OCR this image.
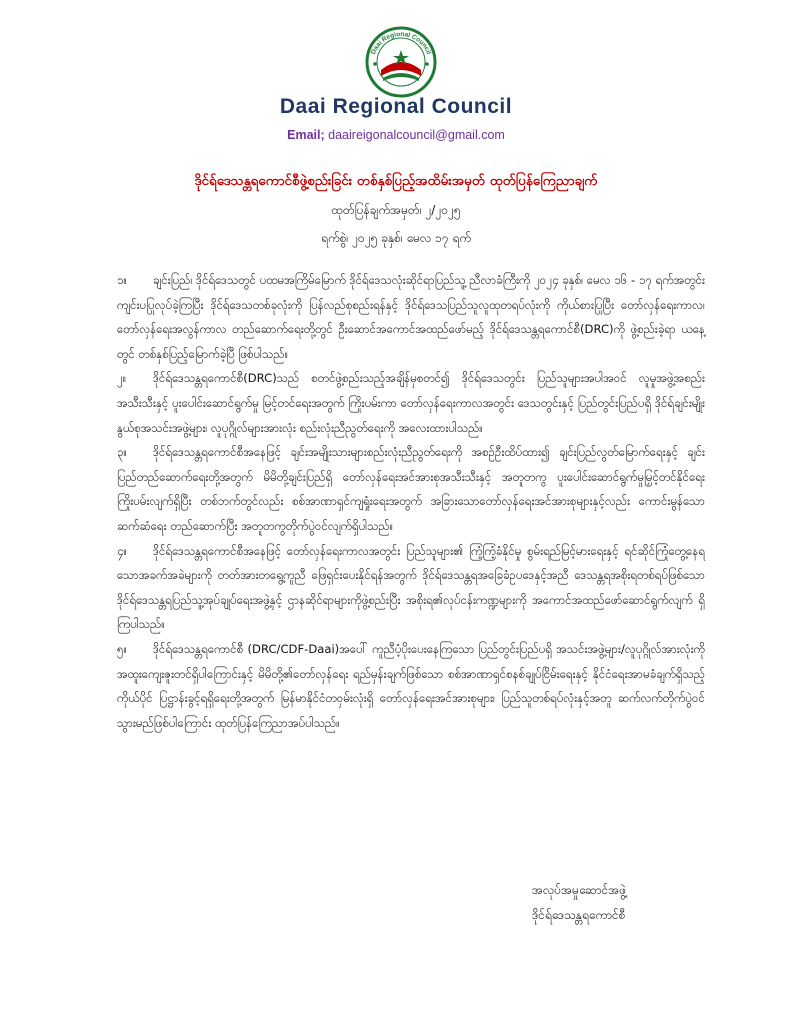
Daai Regional Council
Daai Regional Council
Email; daaireigonalcouncil@gmail.com
ဒိုင်ရ်ဒေသန္တရကောင်စီဖွဲ့စည်းခြင်း တစ်နှစ်ပြည့်အထိမ်းအမှတ် ထုတ်ပြန်ကြေညာချက်
ထုတ်ပြန်ချက်အမှတ်၊ ၂/၂၀၂၅
ရက်စွဲ၊ ၂၀၂၅ ခုနှစ်၊ မေလ ၁၇ ရက်

၁။ ချင်းပြည်၊ ဒိုင်ရ်ဒေသတွင် ပထမအကြိမ်မြောက် ဒိုင်ရ်ဒေသလုံးဆိုင်ရာပြည်သူ့ ညီလာခံကြီးကို ၂၀၂၄ ခုနှစ်၊ မေလ ၁၆ - ၁၇ ရက်အတွင်း ကျင်းပပြုလုပ်ခဲ့ကြပြီး ဒိုင်ရ်ဒေသတစ်ခုလုံးကို ပြန်လည်စုစည်းရန်နှင့် ဒိုင်ရ်ဒေသပြည်သူလူထုတရပ်လုံးကို ကိုယ်စားပြုပြီး တော်လှန်ရေးကာလ၊ တော်လှန်ရေးအလွန်ကာလ တည်ဆောက်ရေးတို့တွင် ဦးဆောင်အကောင်အထည်ဖော်မည့် ဒိုင်ရ်ဒေသန္တရကောင်စီ(DRC)ကို ဖွဲ့စည်းခဲ့ရာ ယနေ့တွင် တစ်နှစ်ပြည့်မြောက်ခဲ့ပြီ ဖြစ်ပါသည်။

၂။ ဒိုင်ရ်ဒေသန္တရကောင်စီ(DRC)သည် စတင်ဖွဲ့စည်းသည့်အချိန်မှစတင်၍ ဒိုင်ရ်ဒေသတွင်း ပြည်သူများအပါအဝင် လူမှုအဖွဲ့အစည်းအသီးသီးနှင့် ပူးပေါင်းဆောင်ရွက်မှု မြင့်တင်ရေးအတွက် ကြိုးပမ်းကာ တော်လှန်ရေးကာလအတွင်း ဒေသတွင်းနှင့် ပြည်တွင်းပြည်ပရှိ ဒိုင်ရ်ချင်းမျိုးနွယ်စုအသင်းအဖွဲ့များ၊ လူပုဂ္ဂိုလ်များအားလုံး စည်းလုံးညီညွတ်ရေးကို အလေးထားပါသည်။

၃။ ဒိုင်ရ်ဒေသန္တရကောင်စီအနေဖြင့် ချင်းအမျိုးသားများစည်းလုံးညီညွတ်ရေးကို အစဉ်ဦးထိပ်ထား၍ ချင်းပြည်လွတ်မြောက်ရေးနှင့် ချင်းပြည်တည်ဆောက်ရေးတို့အတွက် မိမိတို့ချင်းပြည်ရှိ တော်လှန်ရေးအင်အားစုအသီးသီးနှင့် အတူတကွ ပူးပေါင်းဆောင်ရွက်မှုမြှင့်တင်နိုင်ရေး ကြိုးပမ်းလျက်ရှိပြီး တစ်ဘက်တွင်လည်း စစ်အာဏာရှင်ကျရှုံးရေးအတွက် အခြားသောတော်လှန်ရေးအင်အားစုများနှင့်လည်း ကောင်းမွန်သောဆက်ဆံရေး တည်ဆောက်ပြီး အတူတကွတိုက်ပွဲဝင်လျက်ရှိပါသည်။

၄။ ဒိုင်ရ်ဒေသန္တရကောင်စီအနေဖြင့် တော်လှန်ရေးကာလအတွင်း ပြည်သူများ၏ ကြံ့ကြံ့ခံနိုင်မှု စွမ်းရည်မြင့်မားရေးနှင့် ရင်ဆိုင်ကြုံတွေ့နေရသောအခက်အခဲများကို တတ်အားတရွေ့ကူညီ ဖြေရှင်းပေးနိုင်ရန်အတွက် ဒိုင်ရ်ဒေသန္တရအခြေခံဥပဒေနှင့်အညီ ဒေသန္တရအစိုးရတစ်ရပ်ဖြစ်သော ဒိုင်ရ်ဒေသန္တရပြည်သူ့အုပ်ချုပ်ရေးအဖွဲ့နှင့် ဌာနဆိုင်ရာများကိုဖွဲ့စည်းပြီး အစိုးရ၏လုပ်ငန်းကဏ္ဍများကို အကောင်အထည်ဖော်ဆောင်ရွက်လျက် ရှိကြပါသည်။

၅။ ဒိုင်ရ်ဒေသန္တရကောင်စီ (DRC/CDF-Daai)အပေါ် ကူညီပံ့ပိုးပေးနေကြသော ပြည်တွင်းပြည်ပရှိ အသင်းအဖွဲ့များ/လူပုဂ္ဂိုလ်အားလုံးကို အထူးကျေးဇူးတင်ရှိပါကြောင်းနှင့် မိမိတို့၏တော်လှန်ရေး ရည်မှန်းချက်ဖြစ်သော စစ်အာဏာရှင်စနစ်ချုပ်ငြိမ်းရေးနှင့် နိုင်ငံရေးအာမခံချက်ရှိသည့် ကိုယ်ပိုင် ပြဋ္ဌာန်းခွင့်ရရှိရေးတို့အတွက် မြန်မာနိုင်ငံတဝှမ်းလုံးရှိ တော်လှန်ရေးအင်အားစုများ၊ ပြည်သူတစ်ရပ်လုံးနှင့်အတူ ဆက်လက်တိုက်ပွဲဝင်သွားမည်ဖြစ်ပါကြောင်း ထုတ်ပြန်ကြေညာအပ်ပါသည်။

အလုပ်အမှုဆောင်အဖွဲ့
ဒိုင်ရ်ဒေသန္တရကောင်စီ
